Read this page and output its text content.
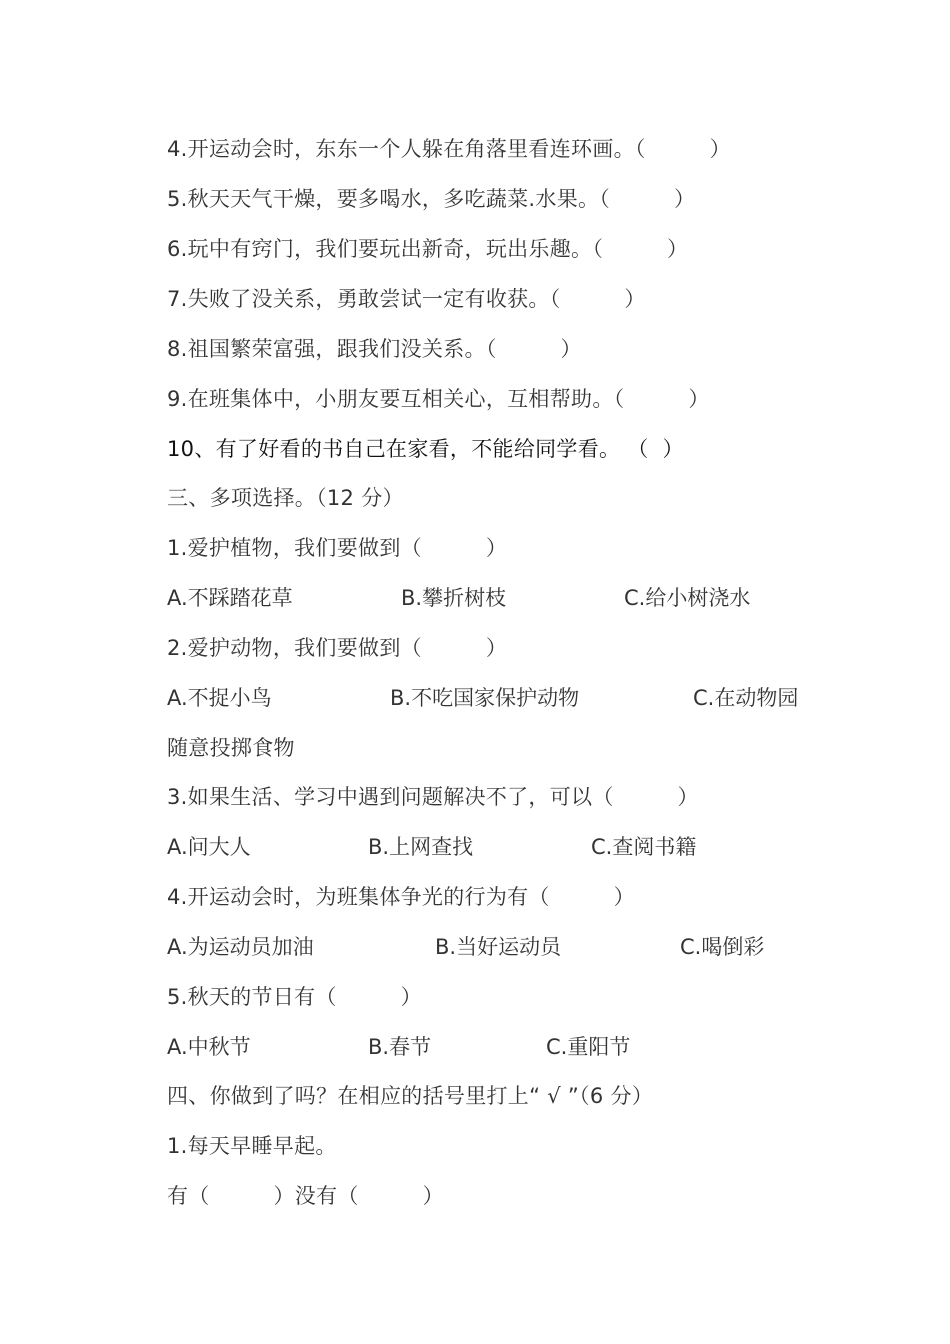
4.开运动会时，东东一个人躲在角落里看连环画。（　　　）
5.秋天天气干燥，要多喝水，多吃蔬菜.水果。（　　　）
6.玩中有窍门，我们要玩出新奇，玩出乐趣。（　　　）
7.失败了没关系，勇敢尝试一定有收获。（　　　）
8.祖国繁荣富强，跟我们没关系。（　　　）
9.在班集体中，小朋友要互相关心，互相帮助。（　　　）
10、有了好看的书自己在家看，不能给同学看。 （  ）
三、多项选择。（12 分）
1.爱护植物，我们要做到（　　　）
A.不踩踏花草	B.攀折树枝	C.给小树浇水
2.爱护动物，我们要做到（　　　）
A.不捉小鸟	B.不吃国家保护动物	C.在动物园
随意投掷食物
3.如果生活、学习中遇到问题解决不了，可以（　　　）
A.问大人	B.上网查找	C.查阅书籍
4.开运动会时，为班集体争光的行为有（　　　）
A.为运动员加油	B.当好运动员	C.喝倒彩
5.秋天的节日有（　　　）
A.中秋节	B.春节	C.重阳节
四、你做到了吗？在相应的括号里打上“ √ ”（6 分）
1.每天早睡早起。
有（　　　）没有（　　　）
